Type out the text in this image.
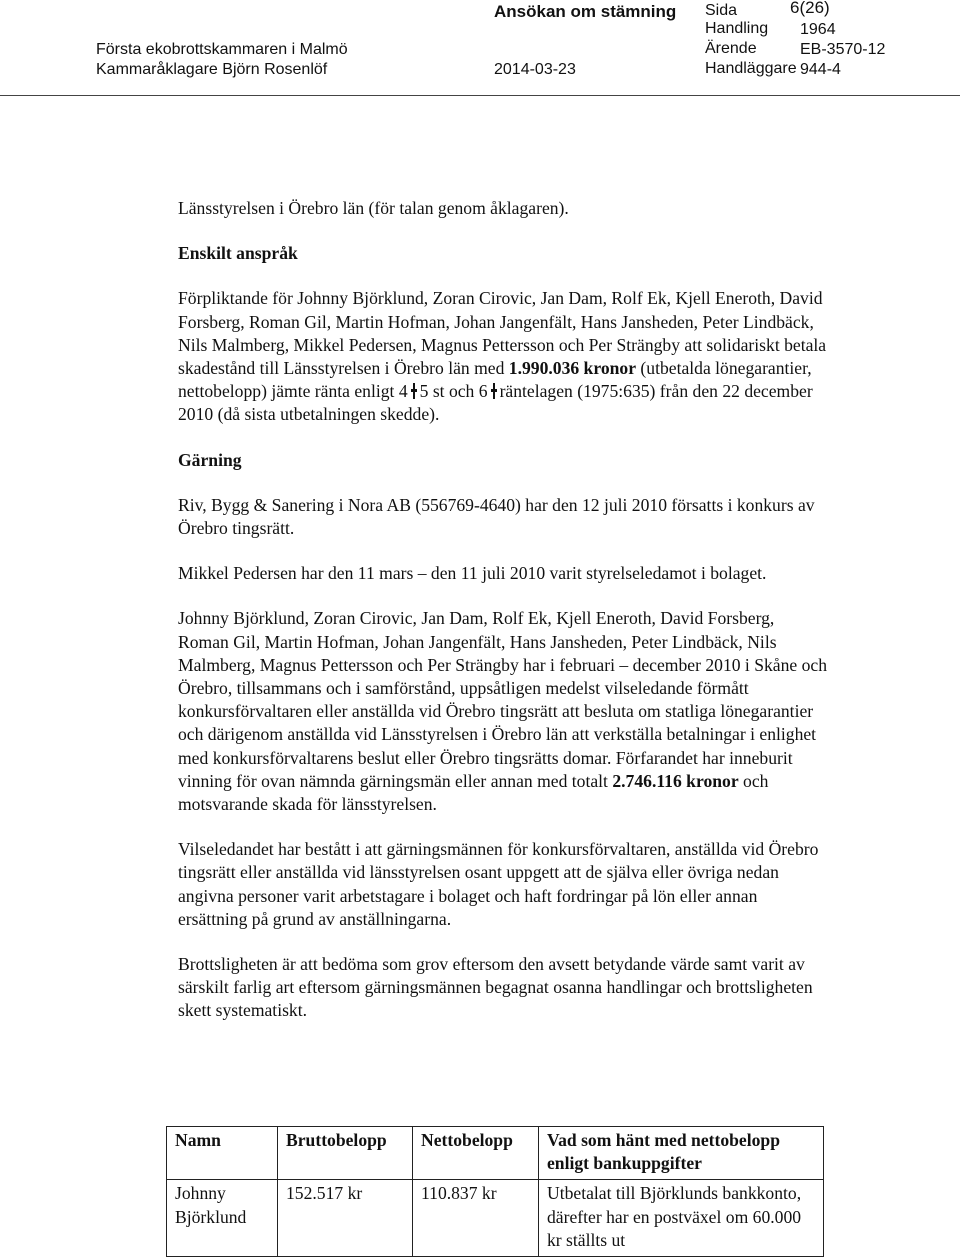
Ansökan om stämning
Första ekobrottskammaren i Malmö
Kammaråklagare Björn Rosenlöf	2014-03-23
Sida	6(26)
Handling 1964
Ärende	EB-3570-12
Handläggare 944-4

Länsstyrelsen i Örebro län (för talan genom åklagaren).

Enskilt anspråk

Förpliktande för Johnny Björklund, Zoran Cirovic, Jan Dam, Rolf Ek, Kjell Eneroth, David Forsberg, Roman Gil, Martin Hofman, Johan Jangenfält, Hans Jansheden, Peter Lindbäck, Nils Malmberg, Mikkel Pedersen, Magnus Pettersson och Per Strängby att solidariskt betala skadestånd till Länsstyrelsen i Örebro län med 1.990.036 kronor (utbetalda lönegarantier, nettobelopp) jämte ränta enligt 4 5 st och 6 räntelagen (1975:635) från den 22 december 2010 (då sista utbetalningen skedde).

Gärning

Riv, Bygg & Sanering i Nora AB (556769-4640) har den 12 juli 2010 försatts i konkurs av Örebro tingsrätt.

Mikkel Pedersen har den 11 mars – den 11 juli 2010 varit styrelseledamot i bolaget.

Johnny Björklund, Zoran Cirovic, Jan Dam, Rolf Ek, Kjell Eneroth, David Forsberg, Roman Gil, Martin Hofman, Johan Jangenfält, Hans Jansheden, Peter Lindbäck, Nils Malmberg, Magnus Pettersson och Per Strängby har i februari – december 2010 i Skåne och Örebro, tillsammans och i samförstånd, uppsåtligen medelst vilseledande förmått konkursförvaltaren eller anställda vid Örebro tingsrätt att besluta om statliga lönegarantier och därigenom anställda vid Länsstyrelsen i Örebro län att verkställa betalningar i enlighet med konkursförvaltarens beslut eller Örebro tingsrätts domar. Förfarandet har inneburit vinning för ovan nämnda gärningsmän eller annan med totalt 2.746.116 kronor och motsvarande skada för länsstyrelsen.

Vilseledandet har bestått i att gärningsmännen för konkursförvaltaren, anställda vid Örebro tingsrätt eller anställda vid länsstyrelsen osant uppgett att de själva eller övriga nedan angivna personer varit arbetstagare i bolaget och haft fordringar på lön eller annan ersättning på grund av anställningarna.

Brottsligheten är att bedöma som grov eftersom den avsett betydande värde samt varit av särskilt farlig art eftersom gärningsmännen begagnat osanna handlingar och brottsligheten skett systematiskt.

Namn	Bruttobelopp	Nettobelopp	Vad som hänt med nettobelopp enligt bankuppgifter
Johnny Björklund	152.517 kr	110.837 kr	Utbetalat till Björklunds bankkonto, därefter har en postväxel om 60.000 kr ställts ut
